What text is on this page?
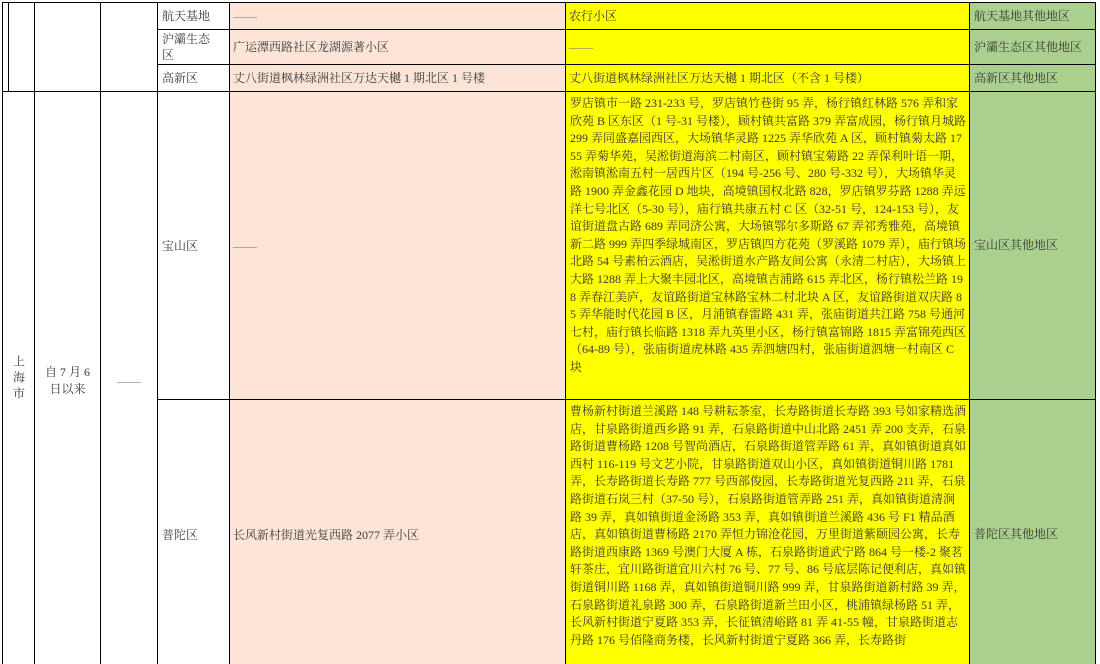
				航天基地	——	农行小区	航天基地其他地区
				沪灞生态区	广运潭西路社区龙湖源著小区	——	沪灞生态区其他地区
				高新区	丈八街道枫林绿洲社区万达天樾 1 期北区 1 号楼	丈八街道枫林绿洲社区万达天樾 1 期北区（不含 1 号楼）	高新区其他地区
上海市		自 7 月 6 日以来	——	宝山区	——	罗店镇市一路 231-233 号，罗店镇竹巷街 95 弄，杨行镇红林路 576 弄和家欣苑 B 区东区（1 号-31 号楼），顾村镇共富路 379 弄富成园，杨行镇月城路 299 弄同盛嘉园西区，大场镇华灵路 1225 弄华欣苑 A 区，顾村镇菊太路 1755 弄菊华苑，吴淞街道海滨二村南区，顾村镇宝菊路 22 弄保利叶语一期，淞南镇淞南五村一居西片区（194 号-256 号、280 号-332 号），大场镇华灵路 1900 弄金鑫花园 D 地块，高境镇国权北路 828，罗店镇罗芬路 1288 弄远洋七号北区（5-30 号），庙行镇共康五村 C 区（32-51 号，124-153 号），友谊街道盘古路 689 弄同济公寓，大场镇鄂尔多斯路 67 弄祁秀雅苑，高境镇新二路 999 弄四季绿城南区，罗店镇四方花苑（罗溪路 1079 弄），庙行镇场北路 54 号素柏云酒店，吴淞街道水产路友间公寓（永清二村店），大场镇上大路 1288 弄上大聚丰园北区，高境镇吉浦路 615 弄北区，杨行镇松兰路 198 弄春江美庐，友谊路街道宝林路宝林二村北块 A 区，友谊路街道双庆路 85 弄华能时代花园 B 区，月浦镇春雷路 431 弄，张庙街道共江路 758 号通河七村，庙行镇长临路 1318 弄九英里小区，杨行镇富锦路 1815 弄富锦苑西区（64-89 号），张庙街道虎林路 435 弄泗塘四村，张庙街道泗塘一村南区 C 块	宝山区其他地区
				普陀区	长风新村街道光复西路 2077 弄小区	曹杨新村街道兰溪路 148 号耕耘茶室，长寿路街道长寿路 393 号如家精选酒店，甘泉路街道西乡路 91 弄，石泉路街道中山北路 2451 弄 200 支弄，石泉路街道曹杨路 1208 号智尚酒店，石泉路街道管弄路 61 弄，真如镇街道真如西村 116-119 号文艺小院，甘泉路街道双山小区，真如镇街道铜川路 1781 弄，长寿路街道长寿路 777 号西部俊园，长寿路街道光复西路 211 弄，石泉路街道石岚三村（37-50 号），石泉路街道管弄路 251 弄，真如镇街道清涧路 39 弄，真如镇街道金汤路 353 弄，真如镇街道兰溪路 436 号 F1 精品酒店，真如镇街道曹杨路 2170 弄恒力锦沧花园，万里街道紫颐园公寓，长寿路街道西康路 1369 号澳门大厦 A 栋，石泉路街道武宁路 864 号一楼-2 聚茗轩茶庄，宜川路街道宜川六村 76 号、77 号、86 号底层陈记便利店，真如镇街道铜川路 1168 弄，真如镇街道铜川路 999 弄，甘泉路街道新村路 39 弄，石泉路街道礼泉路 300 弄，石泉路街道新兰田小区，桃浦镇绿杨路 51 弄，长风新村街道宁夏路 353 弄，长征镇清峪路 81 弄 41-55 幢，甘泉路街道志丹路 176 号佰隆商务楼，长风新村街道宁夏路 366 弄，长寿路街	普陀区其他地区
